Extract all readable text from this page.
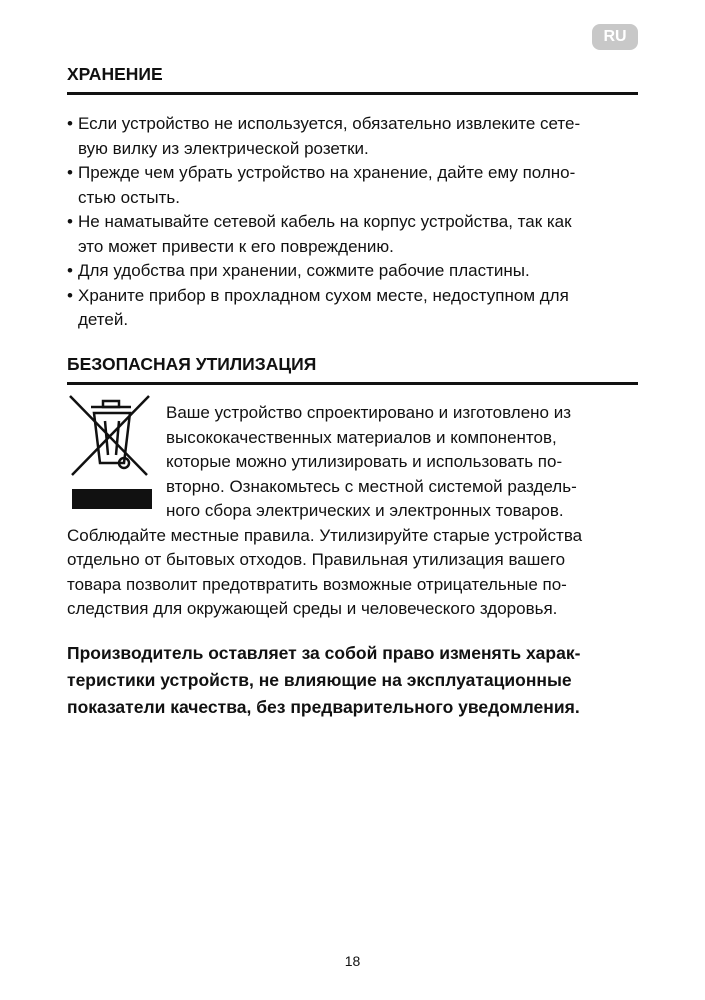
RU
ХРАНЕНИЕ
• Если устройство не используется, обязательно извлеките сете-
вую вилку из электрической розетки.
• Прежде чем убрать устройство на хранение, дайте ему полно-
стью остыть.
• Не наматывайте сетевой кабель на корпус устройства, так как
это может привести к его повреждению.
• Для удобства при хранении, сожмите рабочие пластины.
• Храните прибор в прохладном сухом месте, недоступном для
детей.
БЕЗОПАСНАЯ УТИЛИЗАЦИЯ
Ваше устройство спроектировано и изготовлено из
высококачественных материалов и компонентов,
которые можно утилизировать и использовать по-
вторно. Ознакомьтесь с местной системой раздель-
ного сбора электрических и электронных товаров.
Соблюдайте местные правила. Утилизируйте старые устройства
отдельно от бытовых отходов. Правильная утилизация вашего
товара позволит предотвратить возможные отрицательные по-
следствия для окружающей среды и человеческого здоровья.
Производитель оставляет за собой право изменять харак-
теристики устройств, не влияющие на эксплуатационные
показатели качества, без предварительного уведомления.
18
